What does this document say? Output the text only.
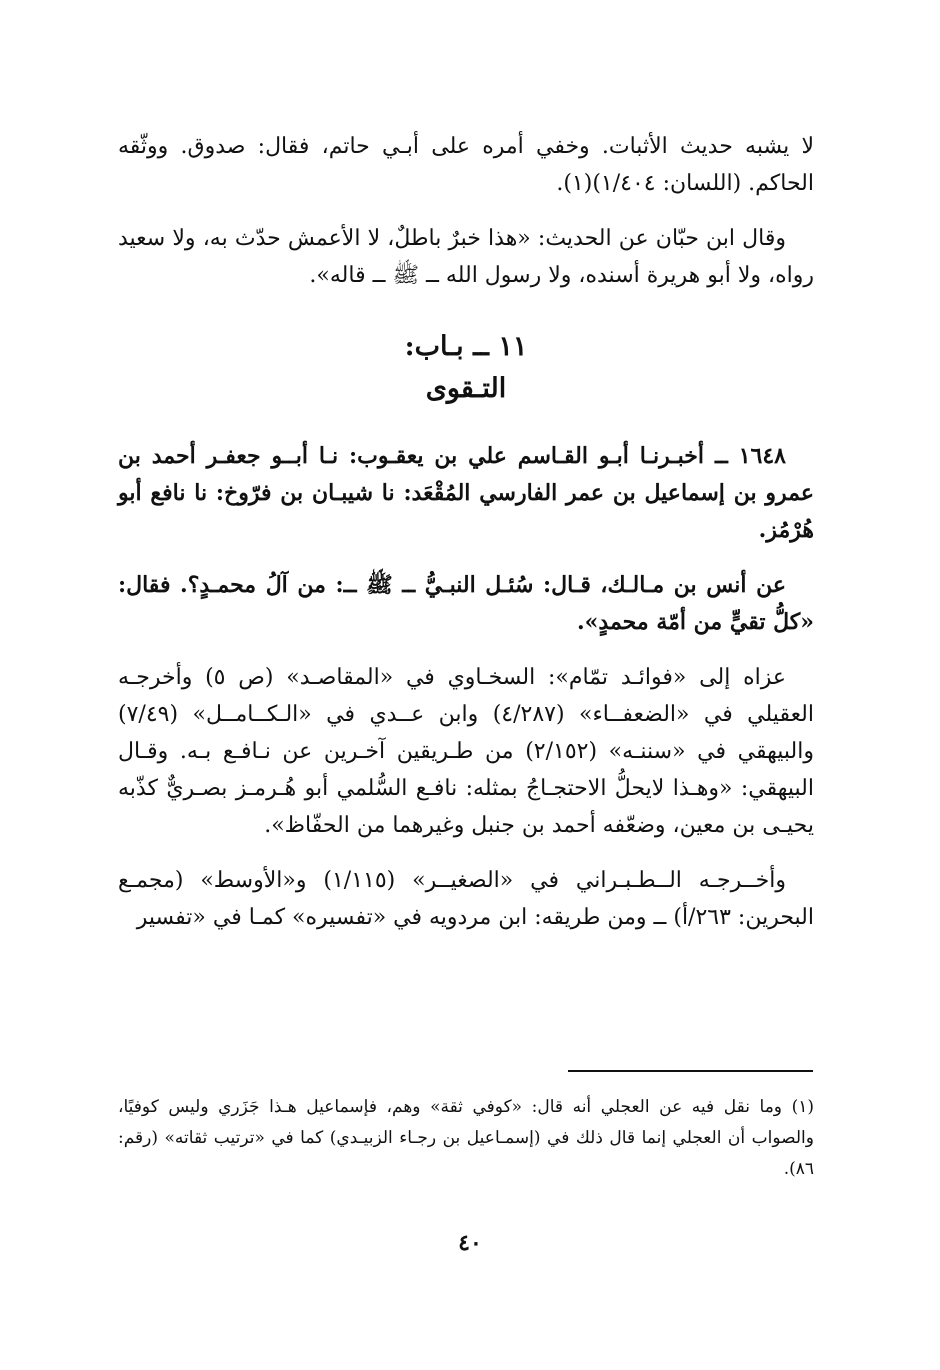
لا يشبه حديث الأثبات. وخفي أمره على أبـي حاتم، فقال: صدوق. ووثّقه الحاكم. (اللسان: ١/٤٠٤)(١).

وقال ابن حبّان عن الحديث: «هذا خبرٌ باطلٌ، لا الأعمش حدّث به، ولا سعيد رواه، ولا أبو هريرة أسنده، ولا رسول الله ــ ﷺ ــ قاله».

١١ ــ بـاب:

التـقوى

١٦٤٨ ــ أخبـرنـا أبـو القـاسم علي بن يعقـوب: نـا أبــو جعفـر أحمد بن عمرو بن إسماعيل بن عمر الفارسي المُقْعَد: نا شيبـان بن فرّوخ: نا نافع أبو هُرْمُز.

عن أنس بن مـالـك، قـال: سُئـل النبـيُّ ــ ﷺ ــ: من آلُ محمـدٍ؟. فقال: «كلُّ تقيٍّ من أمّة محمدٍ».

عزاه إلى «فوائـد تمّام»: السخـاوي في «المقاصـد» (ص ٥) وأخرجـه العقيلي في «الضعفــاء» (٤/٢٨٧) وابن عــدي في «الـكــامــل» (٧/٤٩) والبيهقي في «سننـه» (٢/١٥٢) من طـريقين آخـرين عن نـافـع بـه. وقـال البيهقي: «وهـذا لايحلُّ الاحتجـاجُ بمثله: نافـع السُّلمي أبو هُـرمـز بصـريٌّ كذّبه يحيـى بن معين، وضعّفه أحمد بن جنبل وغيرهما من الحفّاظ».

وأخــرجـه الــطـبـراني في «الصغيــر» (١/١١٥) و«الأوسط» (مجمـع البحرين: ٢٦٣/أ) ــ ومن طريقه: ابن مردويه في «تفسيره» كمـا في «تفسير

(١) وما نقل فيه عن العجلي أنه قال: «كوفي ثقة» وهم، فإسماعيل هـذا جَزَري وليس كوفيًا، والصواب أن العجلي إنما قال ذلك في (إسمـاعيل بن رجـاء الزبيـدي) كما في «ترتيب ثقاته» (رقم: ٨٦).
٤٠
